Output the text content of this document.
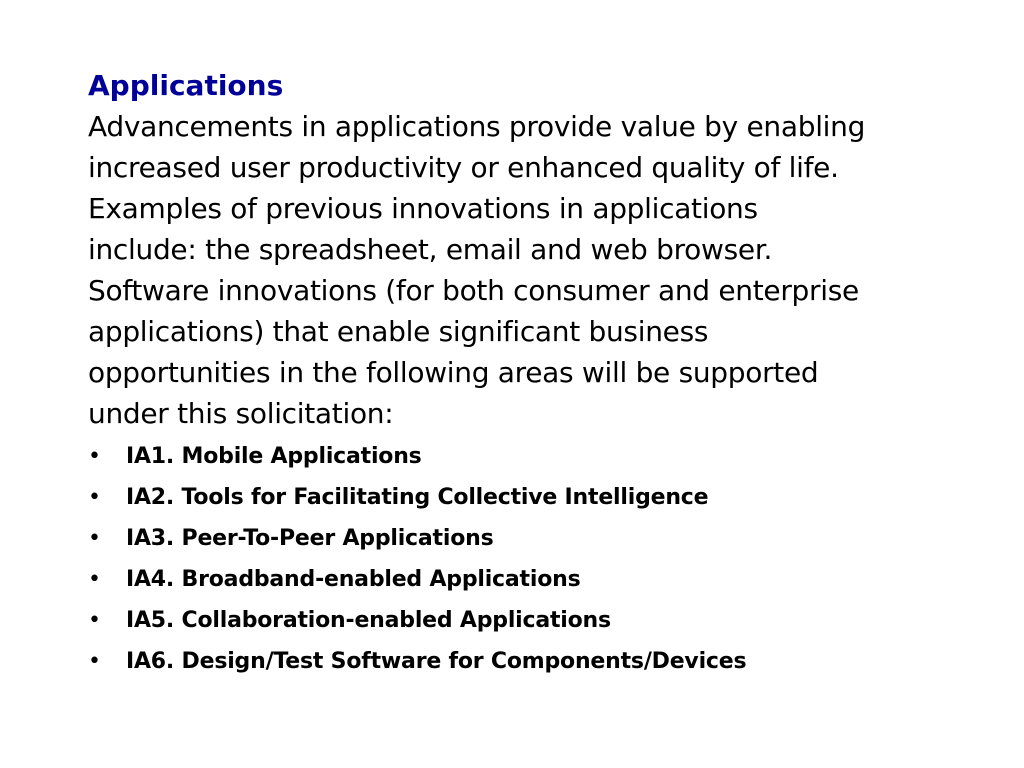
Applications

Advancements in applications provide value by enabling
increased user productivity or enhanced quality of life.
Examples of previous innovations in applications
include: the spreadsheet, email and web browser.
Software innovations (for both consumer and enterprise
applications) that enable significant business
opportunities in the following areas will be supported
under this solicitation:

•	IA1. Mobile Applications
•	IA2. Tools for Facilitating Collective Intelligence
•	IA3. Peer-To-Peer Applications
•	IA4. Broadband-enabled Applications
•	IA5. Collaboration-enabled Applications
•	IA6. Design/Test Software for Components/Devices
